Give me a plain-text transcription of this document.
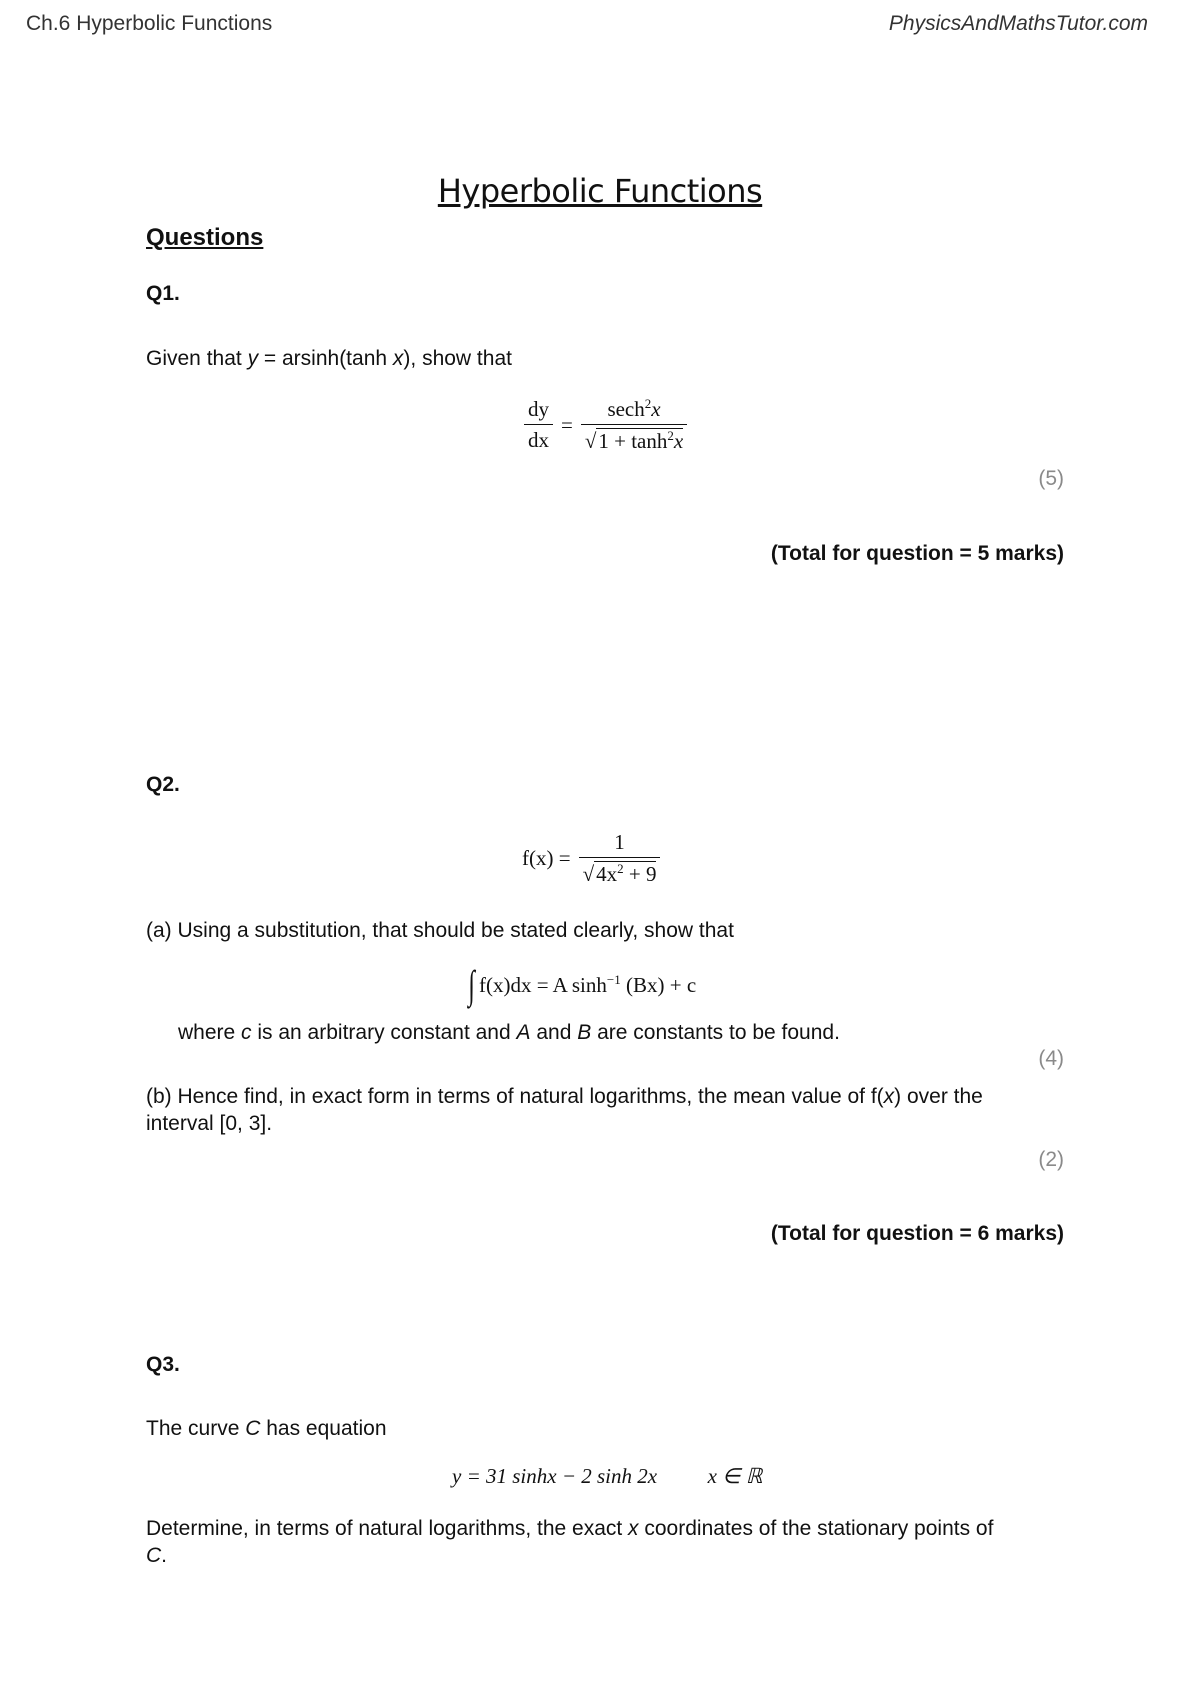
Ch.6 Hyperbolic Functions	PhysicsAndMathsTutor.com
Hyperbolic Functions
Questions
Q1.
Given that y = arsinh(tanh x), show that
$\frac{dy}{dx} = \frac{\sec h^2x}{√1 + \tanh^2x}$
(5)
(Total for question = 5 marks)
Q2.
$f(x) = \frac{1}{√4x^2 + 9}$
(a) Using a substitution, that should be stated clearly, show that
∫ f(x)dx = A $\sinh^{-1} (Bx) + c$
where c is an arbitrary constant and A and B are constants to be found.
(4)
(b) Hence find, in exact form in terms of natural logarithms, the mean value of f(x) over the
interval [0, 3].
(2)
(Total for question = 6 marks)
Q3.
The curve C has equation
y = 31 sinhx − 2 sinh 2x x ∈ ℝ
Determine, in terms of natural logarithms, the exact x coordinates of the stationary points of
C.
